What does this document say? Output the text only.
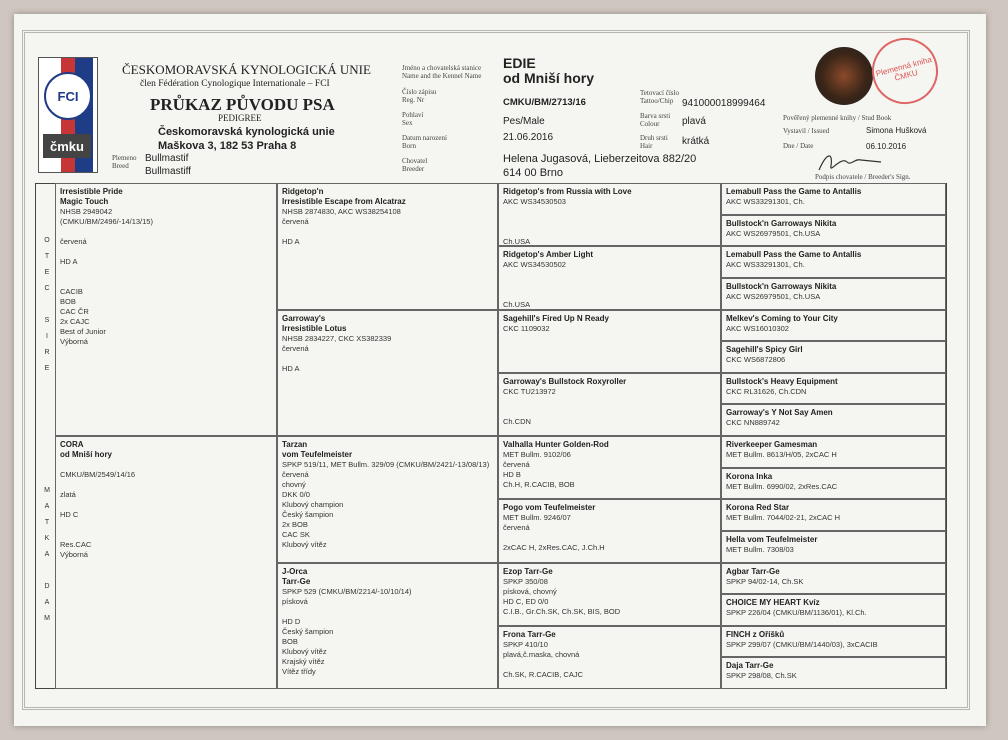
FCI
čmku
ČESKOMORAVSKÁ KYNOLOGICKÁ UNIE
člen Fédération Cynologique Internationale – FCI
PRŮKAZ PŮVODU PSA
PEDIGREE
Českomoravská kynologická unie
Maškova 3, 182 53 Praha 8
Plemeno
Breed
Bullmastif
Bullmastiff
Jméno a chovatelská stanice
Name and the Kennel Name
Číslo zápisu
Reg. Nr
Pohlaví
Sex
Datum narození
Born
Chovatel
Breeder
EDIE
od Mniší hory
CMKU/BM/2713/16
Pes/Male
21.06.2016
Helena Jugasová, Lieberzeitova 882/20
614 00 Brno
Tetovací číslo
Tattoo/Chip
Barva srsti
Colour
Druh srsti
Hair
941000018999464
plavá
krátká
Plemenná kniha ČMKU
Pověřený plemenné knihy / Stud Book
Vystavil / Issued	Simona Hušková
Dne / Date	06.10.2016
Podpis chovatele / Breeder's Sign.
O
T
E
C

S
I
R
E
M
A
T
K
A

D
A
M
Irresistible Pride
Magic Touch
NHSB 2949042
(CMKU/BM/2496/-14/13/15)

červená

HD A

CACIB
BOB
CAC ČR
2x CAJC
Best of Junior
Výborná
CORA
od Mniší hory

CMKU/BM/2549/14/16

zlatá

HD C

Res.CAC
Výborná
Ridgetop'n
Irresistible Escape from Alcatraz
NHSB 2874830, AKC WS38254108
červená

HD A
Garroway's
Irresistible Lotus
NHSB 2834227, CKC XS382339
červená

HD A
Tarzan
vom Teufelmeister
SPKP 519/11, MET Bullm. 329/09 (CMKU/BM/2421/-13/08/13)
červená
chovný
DKK 0/0
Klubový champion
Český šampion
2x BOB
CAC SK
Klubový vítěz
J-Orca
Tarr-Ge
SPKP 529 (CMKU/BM/2214/-10/10/14)
písková

HD D
Český šampion
BOB
Klubový vítěz
Krajský vítěz
Vítěz třídy
Ridgetop's from Russia with Love
AKC WS34530503

Ch.USA
Ridgetop's Amber Light
AKC WS34530502

Ch.USA
Sagehill's Fired Up N Ready
CKC 1109032
Garroway's Bullstock Roxyroller
CKC TU213972

Ch.CDN
Valhalla Hunter Golden-Rod
MET Bullm. 9102/06
červená
HD B
Ch.H, R.CACIB, BOB
Pogo vom Teufelmeister
MET Bullm. 9246/07
červená

2xCAC H, 2xRes.CAC, J.Ch.H
Ezop Tarr-Ge
SPKP 350/08
písková, chovný
HD C, ED 0/0
C.I.B., Gr.Ch.SK, Ch.SK, BIS, BOD
Frona Tarr-Ge
SPKP 410/10
plavá,č.maska, chovná

Ch.SK, R.CACIB, CAJC
Lemabull Pass the Game to Antallis
AKC WS33291301, Ch.
Bullstock'n Garroways Nikita
AKC WS26979501, Ch.USA
Lemabull Pass the Game to Antallis
AKC WS33291301, Ch.
Bullstock'n Garroways Nikita
AKC WS26979501, Ch.USA
Melkev's Coming to Your City
AKC WS16010302
Sagehill's Spicy Girl
CKC WS6872806
Bullstock's Heavy Equipment
CKC RL31626, Ch.CDN
Garroway's Y Not Say Amen
CKC NN889742
Riverkeeper Gamesman
MET Bullm. 8613/H/05, 2xCAC H
Korona Inka
MET Bullm. 6990/02, 2xRes.CAC
Korona Red Star
MET Bullm. 7044/02-21, 2xCAC H
Hella vom Teufelmeister
MET Bullm. 7308/03
Agbar Tarr-Ge
SPKP 94/02-14, Ch.SK
CHOICE MY HEART Kvíz
SPKP 226/04 (CMKU/BM/1136/01), Kl.Ch.
FINCH z Oříšků
SPKP 299/07 (CMKU/BM/1440/03), 3xCACIB
Daja Tarr-Ge
SPKP 298/08, Ch.SK
